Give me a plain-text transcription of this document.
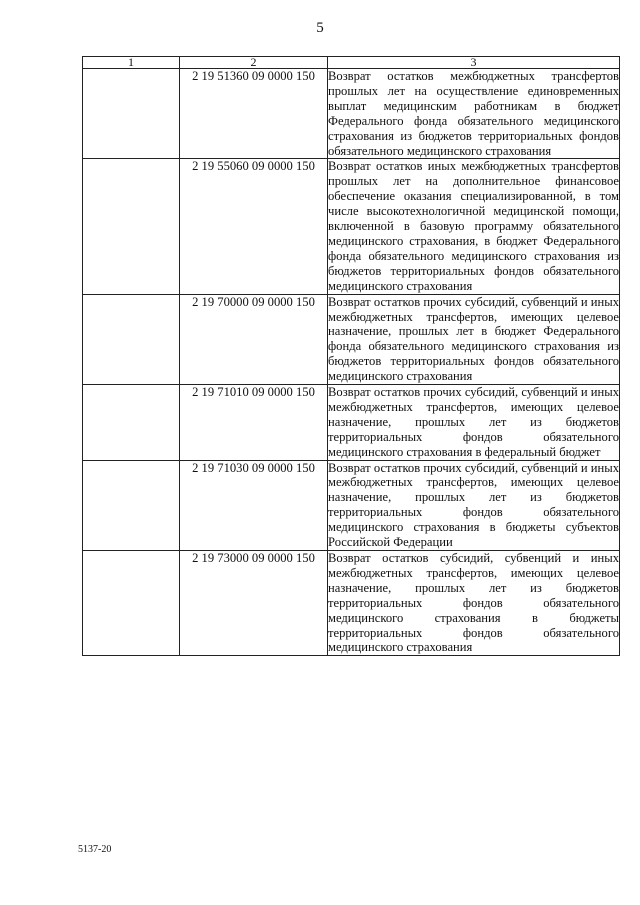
5
1	2	3
	2 19 51360 09 0000 150	Возврат остатков межбюджетных трансфертов прошлых лет на осуществление единовременных выплат медицинским работникам в бюджет Федерального фонда обязательного медицинского страхования из бюджетов территориальных фондов обязательного медицинского страхования
	2 19 55060 09 0000 150	Возврат остатков иных межбюджетных трансфертов прошлых лет на дополнительное финансовое обеспечение оказания специализированной, в том числе высокотехнологичной медицинской помощи, включенной в базовую программу обязательного медицинского страхования, в бюджет Федерального фонда обязательного медицинского страхования из бюджетов территориальных фондов обязательного медицинского страхования
	2 19 70000 09 0000 150	Возврат остатков прочих субсидий, субвенций и иных межбюджетных трансфертов, имеющих целевое назначение, прошлых лет в бюджет Федерального фонда обязательного медицинского страхования из бюджетов территориальных фондов обязательного медицинского страхования
	2 19 71010 09 0000 150	Возврат остатков прочих субсидий, субвенций и иных межбюджетных трансфертов, имеющих целевое назначение, прошлых лет из бюджетов территориальных фондов обязательного медицинского страхования в федеральный бюджет
	2 19 71030 09 0000 150	Возврат остатков прочих субсидий, субвенций и иных межбюджетных трансфертов, имеющих целевое назначение, прошлых лет из бюджетов территориальных фондов обязательного медицинского страхования в бюджеты субъектов Российской Федерации
	2 19 73000 09 0000 150	Возврат остатков субсидий, субвенций и иных межбюджетных трансфертов, имеющих целевое назначение, прошлых лет из бюджетов территориальных фондов обязательного медицинского страхования в бюджеты территориальных фондов обязательного медицинского страхования
5137-20
